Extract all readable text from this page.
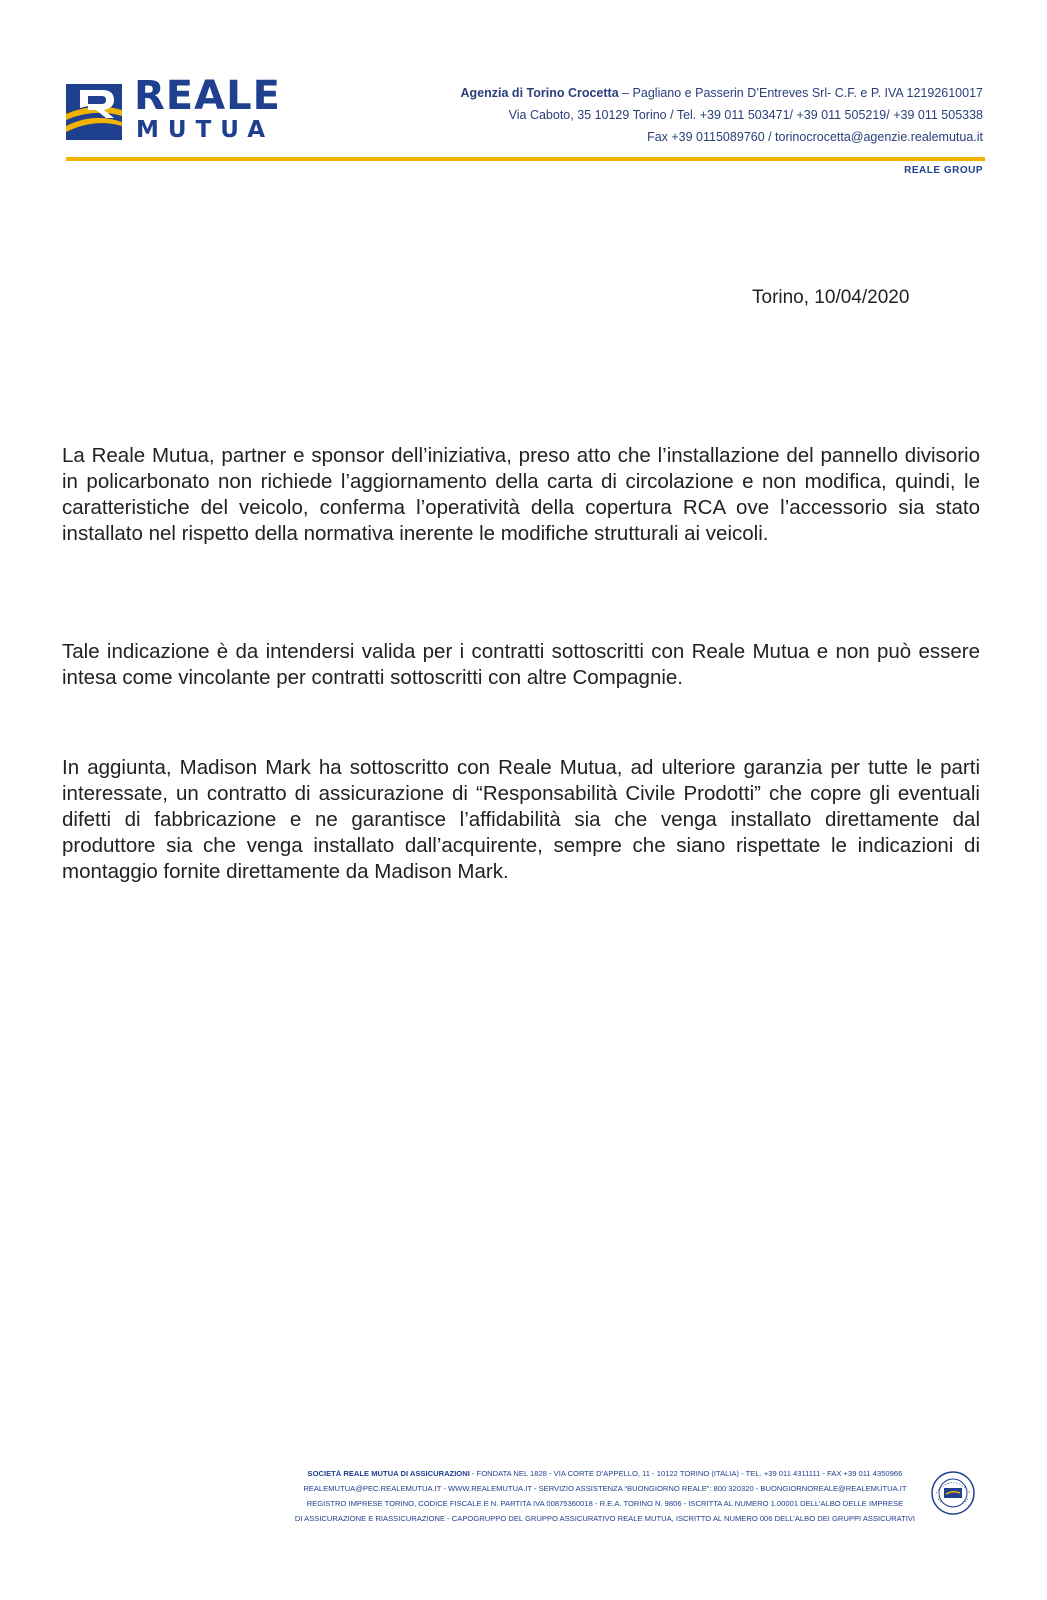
REALE
MUTUA
Agenzia di Torino Crocetta – Pagliano e Passerin D’Entreves Srl- C.F. e P. IVA 12192610017
Via Caboto, 35 10129 Torino / Tel. +39 011 503471/ +39 011 505219/ +39 011 505338
Fax +39 0115089760 / torinocrocetta@agenzie.realemutua.it
REALE GROUP
Torino, 10/04/2020

La Reale Mutua, partner e sponsor dell’iniziativa, preso atto che l’installazione del pannello divisorio in policarbonato non richiede l’aggiornamento della carta di circolazione e non modifica, quindi, le caratteristiche del veicolo, conferma l’operatività della copertura RCA ove l’accessorio sia stato installato nel rispetto della normativa inerente le modifiche strutturali ai veicoli.

Tale indicazione è da intendersi valida per i contratti sottoscritti con Reale Mutua e non può essere intesa come vincolante per contratti sottoscritti con altre Compagnie.

In aggiunta, Madison Mark ha sottoscritto con Reale Mutua, ad ulteriore garanzia per tutte le parti interessate, un contratto di assicurazione di “Responsabilità Civile Prodotti” che copre gli eventuali difetti di fabbricazione e ne garantisce l’affidabilità sia che venga installato direttamente dal produttore sia che venga installato dall’acquirente, sempre che siano rispettate le indicazioni di montaggio fornite direttamente da Madison Mark.

SOCIETÀ REALE MUTUA DI ASSICURAZIONI - FONDATA NEL 1828 - VIA CORTE D’APPELLO, 11 - 10122 TORINO (ITALIA) - TEL. +39 011 4311111 - FAX +39 011 4350966
REALEMUTUA@PEC.REALEMUTUA.IT - WWW.REALEMUTUA.IT - SERVIZIO ASSISTENZA “BUONGIORNO REALE”: 800 320320 - BUONGIORNOREALE@REALEMUTUA.IT
REGISTRO IMPRESE TORINO, CODICE FISCALE E N. PARTITA IVA 00875360018 - R.E.A. TORINO N. 9806 - ISCRITTA AL NUMERO 1.00001 DELL’ALBO DELLE IMPRESE
DI ASSICURAZIONE E RIASSICURAZIONE - CAPOGRUPPO DEL GRUPPO ASSICURATIVO REALE MUTUA, ISCRITTO AL NUMERO 006 DELL’ALBO DEI GRUPPI ASSICURATIVI
